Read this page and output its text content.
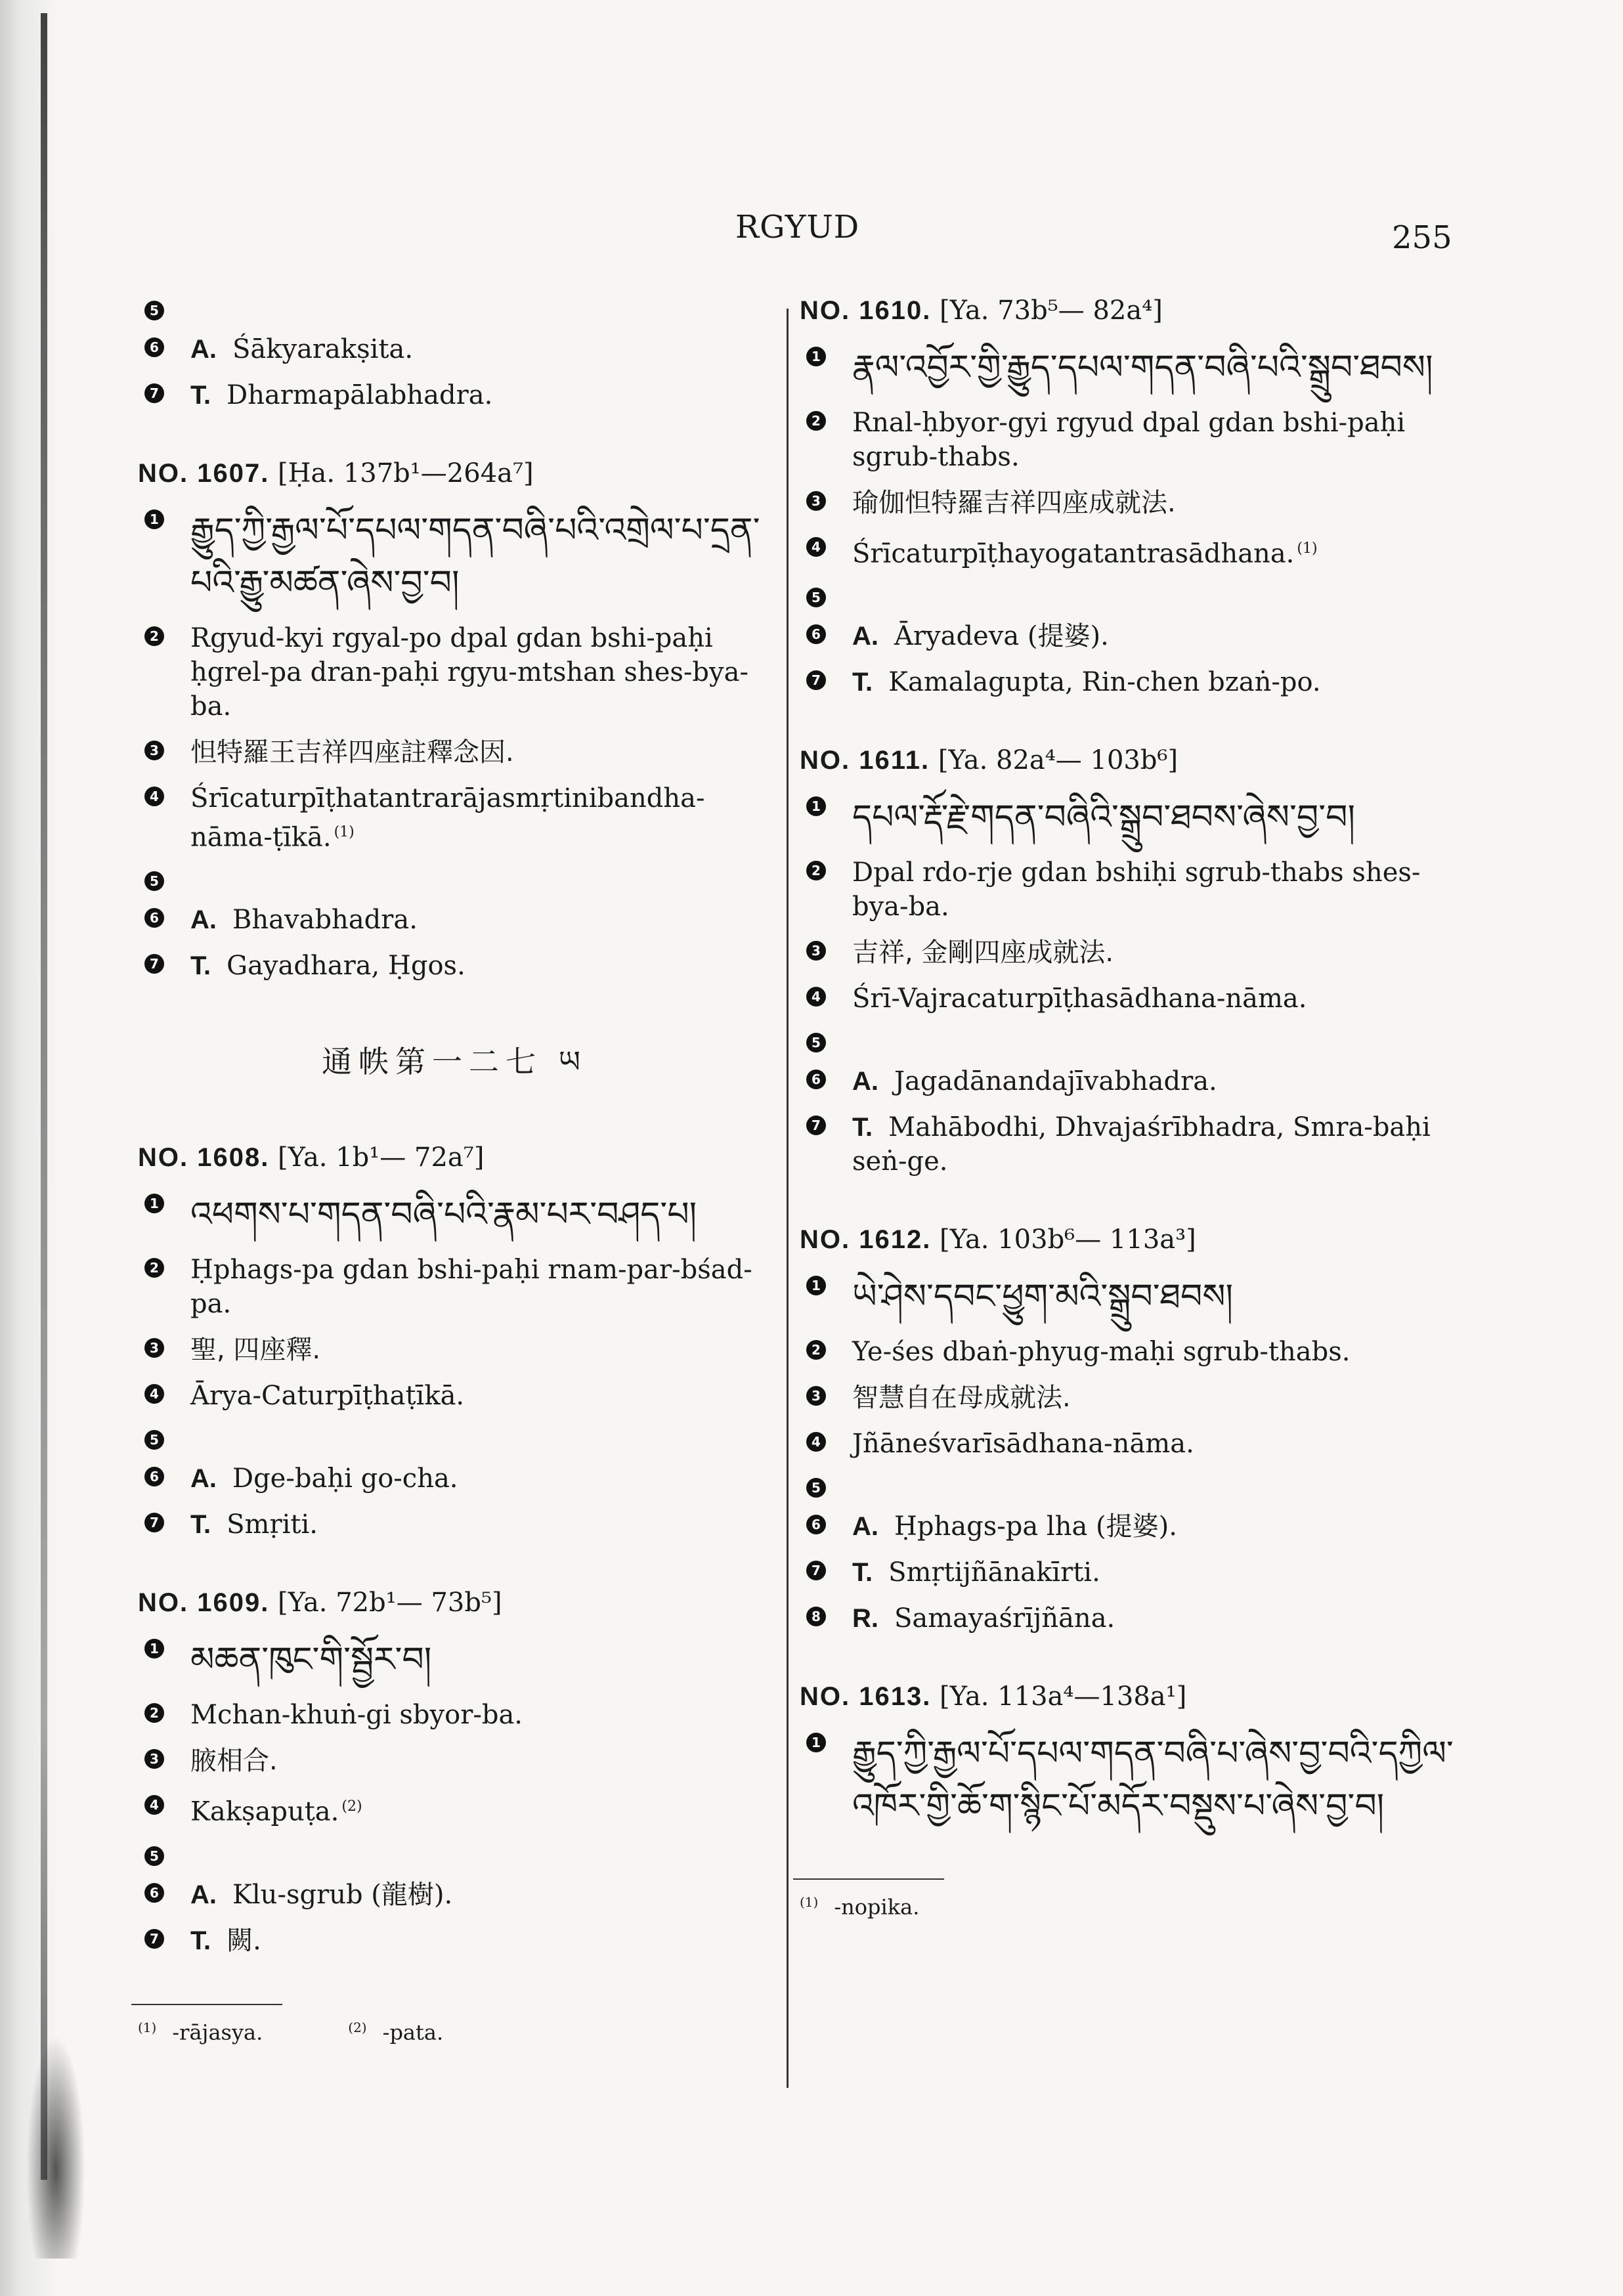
RGYUD	255
5
6 A. Śākyarakṣita.
7 T. Dharmapālabhadra.
NO. 1607. [Ḥa. 137b¹—264a⁷]
1 རྒྱུད་ཀྱི་རྒྱལ་པོ་དཔལ་གདན་བཞི་པའི་འགྲེལ་པ་དྲན་པའི་རྒྱུ་མཚན་ཞེས་བྱ་བ།
2 Rgyud-kyi rgyal-po dpal gdan bshi-paḥi ḥgrel-pa dran-paḥi rgyu-mtshan shes-bya-ba.
3 怛特羅王吉祥四座註釋念因.
4 Śrīcaturpīṭhatantrarājasmṛtinibandha-nāma-ṭīkā. $^{(1)}$
5
6 A. Bhavabhadra.
7 T. Gayadhara, Ḥgos.
通帙第一二七 ཡ
NO. 1608. [Ya. 1b¹— 72a⁷]
1 འཕགས་པ་གདན་བཞི་པའི་རྣམ་པར་བཤད་པ།
2 Ḥphags-pa gdan bshi-paḥi rnam-par-bśad-pa.
3 聖, 四座釋.
4 Ārya-Caturpīṭhaṭīkā.
5
6 A. Dge-baḥi go-cha.
7 T. Smṛiti.
NO. 1609. [Ya. 72b¹— 73b⁵]
1 མཆན་ཁུང་གི་སྦྱོར་བ།
2 Mchan-khuṅ-gi sbyor-ba.
3 腋相合.
4 Kakṣapuṭa. $^{(2)}$
5
6 A. Klu-sgrub (龍樹).
7 T. 闕.
$^{(1)}$ -rājasya.	$^{(2)}$ -pata.
NO. 1610. [Ya. 73b⁵— 82a⁴]
1 རྣལ་འབྱོར་གྱི་རྒྱུད་དཔལ་གདན་བཞི་པའི་སྒྲུབ་ཐབས།
2 Rnal-ḥbyor-gyi rgyud dpal gdan bshi-paḥi sgrub-thabs.
3 瑜伽怛特羅吉祥四座成就法.
4 Śrīcaturpīṭhayogatantrasādhana. $^{(1)}$
5
6 A. Āryadeva (提婆).
7 T. Kamalagupta, Rin-chen bzaṅ-po.
NO. 1611. [Ya. 82a⁴— 103b⁶]
1 དཔལ་རྡོ་རྗེ་གདན་བཞིའི་སྒྲུབ་ཐབས་ཞེས་བྱ་བ།
2 Dpal rdo-rje gdan bshiḥi sgrub-thabs shes-bya-ba.
3 吉祥, 金剛四座成就法.
4 Śrī-Vajracaturpīṭhasādhana-nāma.
5
6 A. Jagadānandajīvabhadra.
7 T. Mahābodhi, Dhvajaśrībhadra, Smra-baḥi seṅ-ge.
NO. 1612. [Ya. 103b⁶— 113a³]
1 ཡེ་ཤེས་དབང་ཕྱུག་མའི་སྒྲུབ་ཐབས།
2 Ye-śes dbaṅ-phyug-maḥi sgrub-thabs.
3 智慧自在母成就法.
4 Jñāneśvarīsādhana-nāma.
5
6 A. Ḥphags-pa lha (提婆).
7 T. Smṛtijñānakīrti.
8 R. Samayaśrījñāna.
NO. 1613. [Ya. 113a⁴—138a¹]
1 རྒྱུད་ཀྱི་རྒྱལ་པོ་དཔལ་གདན་བཞི་པ་ཞེས་བྱ་བའི་དཀྱིལ་འཁོར་གྱི་ཆོ་ག་སྙིང་པོ་མདོར་བསྡུས་པ་ཞེས་བྱ་བ།
$^{(1)}$ -nopika.
